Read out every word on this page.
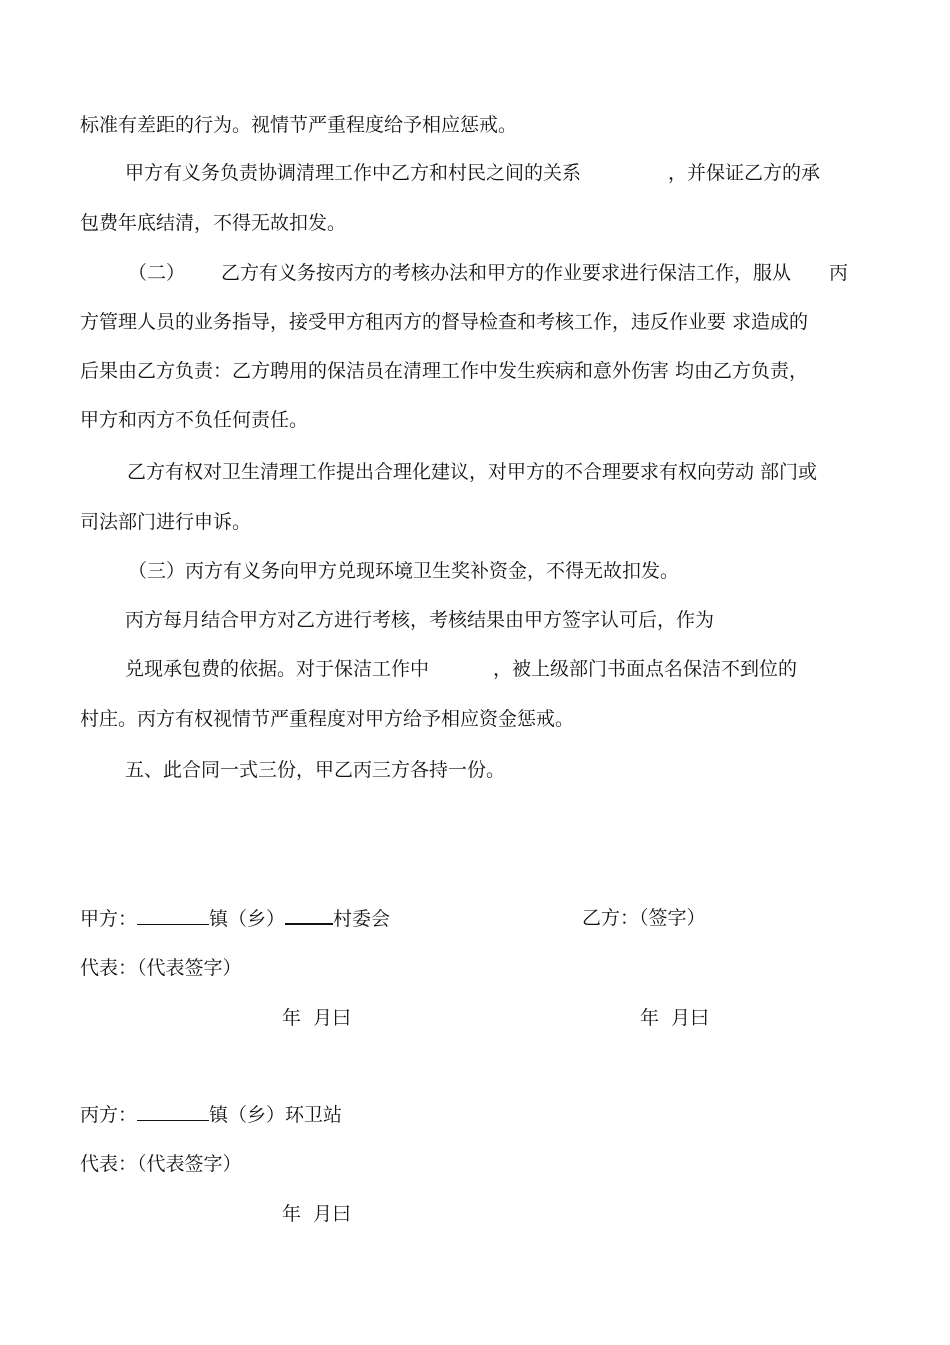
标准有差距的行为。视情节严重程度给予相应惩戒。
甲方有义务负责协调清理工作中乙方和村民之间的关系	，并保证乙方的承
包费年底结清，不得无故扣发。
（二） 乙方有义务按丙方的考核办法和甲方的作业要求进行保洁工作，服从 丙
方管理人员的业务指导，接受甲方租丙方的督导检查和考核工作，违反作业要 求造成的
后果由乙方负责：乙方聘用的保洁员在清理工作中发生疾病和意外伤害 均由乙方负责，
甲方和丙方不负任何责任。
乙方有权对卫生清理工作提出合理化建议，对甲方的不合理要求有权向劳动 部门或
司法部门进行申诉。
（三）丙方有义务向甲方兑现环境卫生奖补资金，不得无故扣发。
丙方每月结合甲方对乙方进行考核，考核结果由甲方签字认可后，作为
兑现承包费的依据。对于保洁工作中	，被上级部门书面点名保洁不到位的
村庄。丙方有权视情节严重程度对甲方给予相应资金惩戒。
五、此合同一式三份，甲乙丙三方各持一份。
甲方：	镇（乡）	村委会	乙方：（签字）
代表：（代表签字）
年  月曰	年  月曰
丙方：	镇（乡）环卫站
代表：（代表签字）
年  月曰
